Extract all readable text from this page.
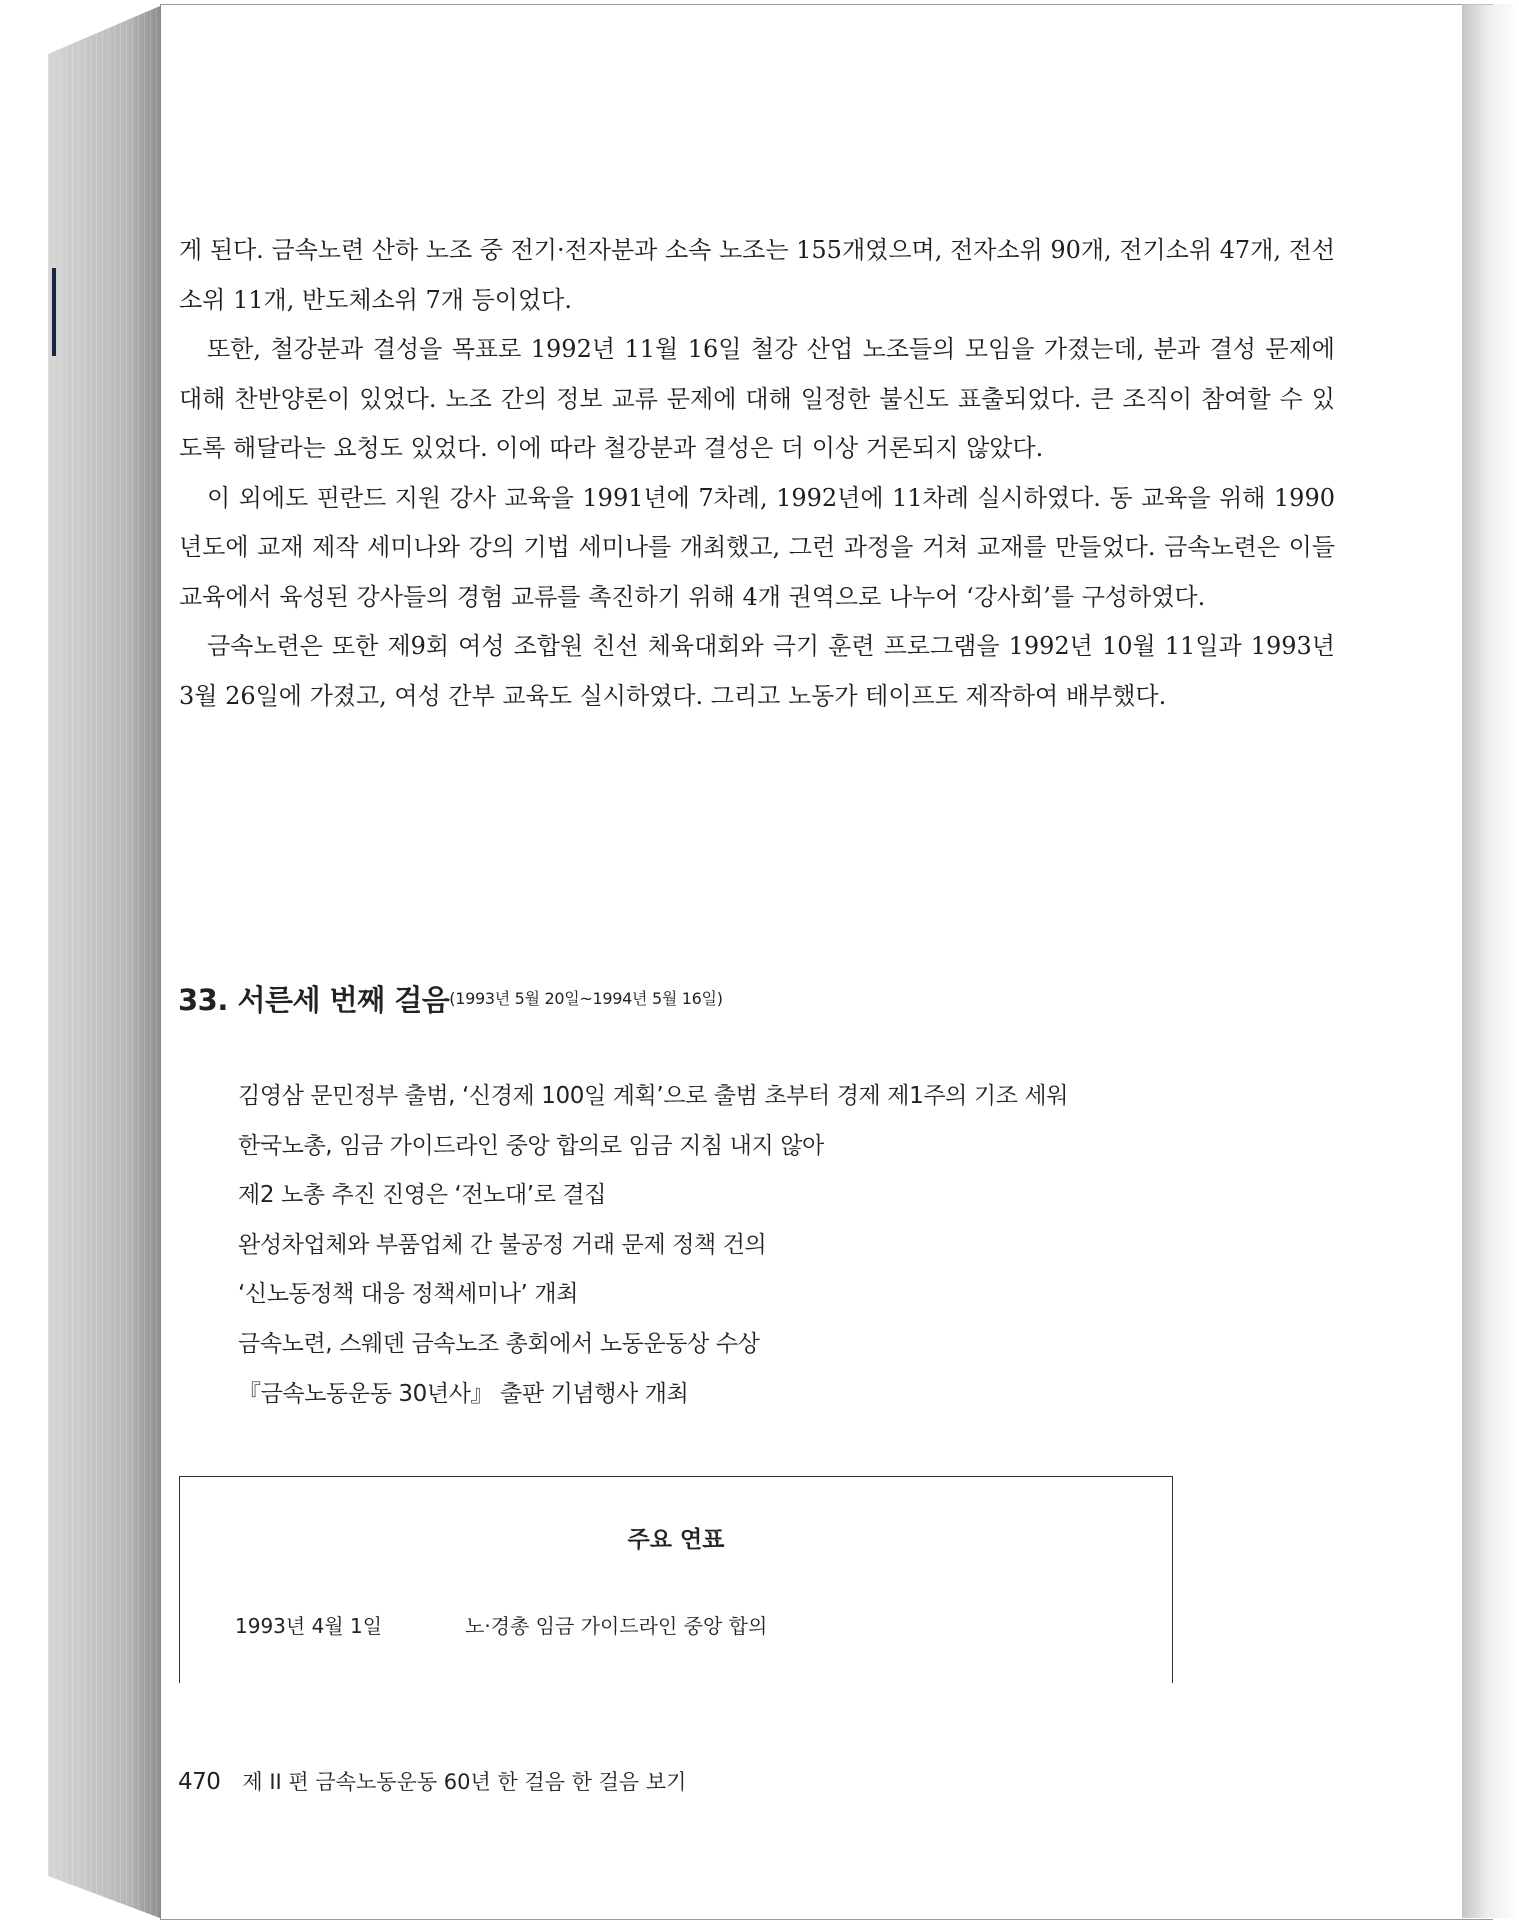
게 된다. 금속노련 산하 노조 중 전기·전자분과 소속 노조는 155개였으며, 전자소위 90개, 전기소위 47개, 전선소위 11개, 반도체소위 7개 등이었다.

또한, 철강분과 결성을 목표로 1992년 11월 16일 철강 산업 노조들의 모임을 가졌는데, 분과 결성 문제에 대해 찬반양론이 있었다. 노조 간의 정보 교류 문제에 대해 일정한 불신도 표출되었다. 큰 조직이 참여할 수 있도록 해달라는 요청도 있었다. 이에 따라 철강분과 결성은 더 이상 거론되지 않았다.

이 외에도 핀란드 지원 강사 교육을 1991년에 7차례, 1992년에 11차례 실시하였다. 동 교육을 위해 1990년도에 교재 제작 세미나와 강의 기법 세미나를 개최했고, 그런 과정을 거쳐 교재를 만들었다. 금속노련은 이들 교육에서 육성된 강사들의 경험 교류를 촉진하기 위해 4개 권역으로 나누어 ‘강사회’를 구성하였다.

금속노련은 또한 제9회 여성 조합원 친선 체육대회와 극기 훈련 프로그램을 1992년 10월 11일과 1993년 3월 26일에 가졌고, 여성 간부 교육도 실시하였다. 그리고 노동가 테이프도 제작하여 배부했다.

33. 서른세 번째 걸음(1993년 5월 20일~1994년 5월 16일)
김영삼 문민정부 출범, ‘신경제 100일 계획’으로 출범 초부터 경제 제1주의 기조 세워
한국노총, 임금 가이드라인 중앙 합의로 임금 지침 내지 않아
제2 노총 추진 진영은 ‘전노대’로 결집
완성차업체와 부품업체 간 불공정 거래 문제 정책 건의
‘신노동정책 대응 정책세미나’ 개최
금속노련, 스웨덴 금속노조 총회에서 노동운동상 수상
『금속노동운동 30년사』 출판 기념행사 개최
주요 연표
1993년 4월 1일	노·경총 임금 가이드라인 중앙 합의
470 제 II 편 금속노동운동 60년 한 걸음 한 걸음 보기
